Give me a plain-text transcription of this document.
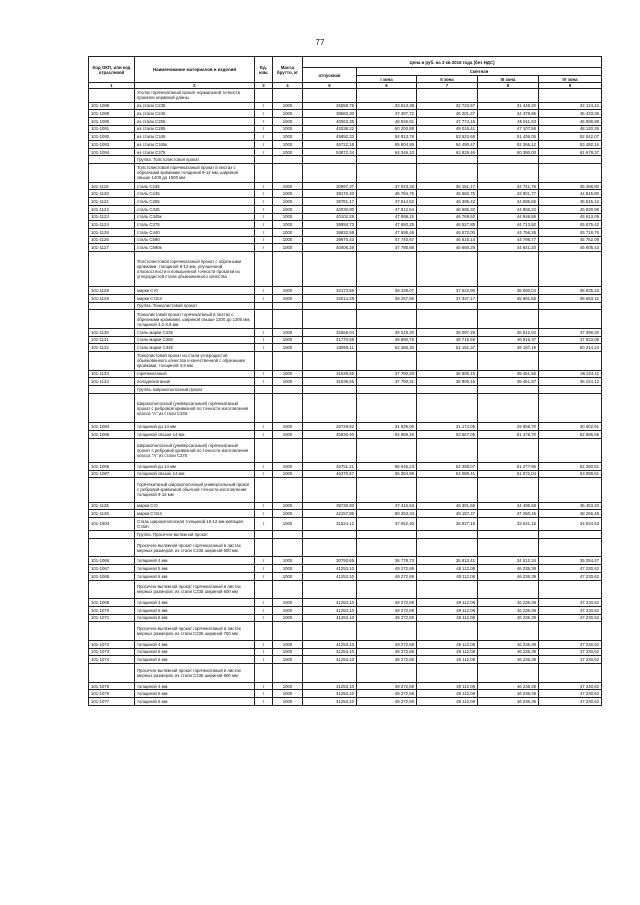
77
Код ОКП, или код отраслевой	Наименование материалов и изделий	Ед. изм.	Масса брутто, кг	Цена в руб. на 3 кв 2016 года (без НДС)				
				отпускная	Сметная			
					I зона	II зона	III зона	IV зона
1	2	3	4	5	6	7	8	9
	Уголок горячекатаный прокат нормальной точности прокатки неравной длины							
101-1088	из стали С235	т	1000	26058,76	33 513,38	32 723,57	31 448,20	32 124,44
101-1089	из стали С245	т	1000	38683,30	47 397,72	46 201,27	44 478,96	45 433,36
101-1090	из стали С255	т	1000	40063,35	48 926,81	47 774,15	45 911,63	46 898,89
101-1091	из стали С285	т	1000	42038,22	50 200,88	49 018,41	47 107,58	48 120,35
101-1092	из стали С345	т	1000	45892,33	54 813,78	53 522,65	51 436,05	52 542,07
101-1093	из стали С345к	т	1000	46722,18	55 804,95	54 490,47	52 366,12	53 492,16
101-1094	из стали С375	т	1000	53872,34	64 346,10	62 829,46	60 380,00	61 678,37
	Группа. Толстолистовой прокат							
	Толстолистовой горячекатаный прокат в листах с обрезными кромками толщиной 9-12 мм, шириной свыше 1400 до 1500 мм							
101-1119	сталь С235	т	1000	30997,37	37 023,25	36 151,17	34 741,76	35 488,80
101-1120	сталь С245	т	1000	39170,40	46 784,76	45 682,75	43 901,77	44 845,80
101-1121	сталь С255	т	1000	39781,17	47 514,62	46 395,42	44 586,65	45 545,42
101-1122	сталь С345	т	1000	40030,80	47 812,54	46 686,32	44 866,22	45 830,98
101-1123	сталь С345к	т	1000	40102,28	47 898,15	46 769,92	44 946,56	45 913,05
101-1124	сталь С375	т	1000	39894,73	47 650,25	46 527,85	44 713,92	45 675,42
101-1125	сталь С440	т	1000	39932,58	47 695,46	46 572,00	44 756,35	45 718,76
101-1126	сталь С590	т	1000	39970,43	47 740,67	46 616,14	44 798,77	45 762,09
101-1127	сталь С590к	т	1000	40008,28	47 785,88	46 660,29	44 841,20	45 805,43
	Толстолистовой горячекатаный прокат с обрезными кромками, толщиной 9-12 мм, улучшенной плоскостности и повышенной точности прокатки из углеродистой стали обыкновенного качества							
101-1128	марки Ст0	т	1000	32173,56	38 428,07	37 522,90	36 060,04	36 835,43
101-1129	марки Ст3сп	т	1000	32014,28	38 257,86	37 337,17	35 881,55	36 653,12
	Группа. Тонколистовой прокат							
	Тонколистовой прокат горячекатаный в листах с обрезными кромками, шириной свыше 1200 до 1300 мм, толщиной 3,2-3,9 мм							
101-1130	сталь марки С235	т	1000	32666,04	39 018,30	38 097,28	36 612,02	37 399,30
101-1131	сталь марки С255	т	1000	41770,58	49 890,76	48 715,59	46 816,37	47 823,08
101-1132	сталь марки С345	т	1000	43859,11	52 385,30	51 151,37	49 157,19	50 214,24
	Тонколистовой прокат из стали углеродистой обыкновенного качества и качественной с обрезными кромками, толщиной 3,9 мм							
101-1133	горячекатаный	т	1000	31639,56	37 790,20	36 900,15	35 461,56	36 224,11
101-1134	холоднокатаный	т	1000	31639,56	37 790,31	36 900,16	35 461,57	36 224,12
	Группа. Широкополосный прокат							
	Широкополосный (универсальный) горячекатаный прокат с ребровой кривизной по точности изготовления класса "А" из стали С345							
101-1084	толщиной до 14 мм	т	1000	26729,82	31 926,06	31 174,05	29 958,70	30 602,91
101-1085	толщиной свыше 14 мм	т	1000	45930,40	54 859,26	53 567,05	51 478,70	52 585,65
	Широкополосный (универсальный) горячекатаный прокат с ребровой кривизной по точности изготовления класса "А" из стали С375							
101-1086	толщиной до 14 мм	т	1000	46751,21	55 645,23	54 358,07	51 277,86	52 380,51
101-1087	толщиной свыше 14 мм	т	1000	46370,57	55 384,99	54 080,41	51 972,04	53 089,61
	Горячекатаный широкополосный универсальный прокат с ребровой кривизной обычной точности изготовления толщиной 9-12 мм							
101-1135	марки Ст0	т	1000	39730,80	47 416,63	46 301,69	44 496,58	45 453,40
101-1136	марки Ст3сп	т	1000	42157,86	50 253,34	49 187,27	47 250,45	48 266,45
101-1603	Сталь широкополосная толщиной 10-12 мм кипящая Ст3кп	т	1000	31524,12	37 652,40	36 827,15	33 641,15	34 534,53
	Группа. Просечно-вытяжной прокат							
	Просечно-вытяжной прокат горячекатаный в листах мерных размеров, из стали С235 шириной 600 мм							
101-1066	толщиной 4 мм	т	1000	30792,65	36 778,73	35 912,41	34 512,34	35 254,47
101-1067	толщиной 5 мм	т	1000	41253,10	49 272,69	48 112,08	46 236,39	47 230,62
101-1068	толщиной 6 мм	т	1000	41253,10	49 272,69	48 112,08	46 236,39	47 230,62
	Просечно-вытяжной прокат горячекатаный в листах мерных размеров, из стали С235 шириной 600 мм							
101-1069	толщиной 4 мм	т	1000	41253,10	49 272,69	48 112,08	46 236,39	47 230,62
101-1070	толщиной 5 мм	т	1000	41253,10	49 272,69	48 112,08	46 236,39	47 230,62
101-1071	толщиной 6 мм	т	1000	41253,10	49 272,69	48 112,08	46 236,39	47 230,62
	Просечно-вытяжной прокат горячекатаный в листах мерных размеров, из стали С235 шириной 700 мм							
101-1072	толщиной 4 мм	т	1000	41253,10	49 272,69	48 112,08	46 236,39	47 230,62
101-1073	толщиной 5 мм	т	1000	41253,10	49 272,69	48 112,08	46 236,39	47 230,62
101-1074	толщиной 6 мм	т	1000	41253,10	49 272,69	48 112,08	46 236,39	47 230,62
	Просечно-вытяжной прокат горячекатаный в листах мерных размеров, из стали С235 шириной 800 мм							
101-1075	толщиной 4 мм	т	1000	41253,10	49 272,69	48 112,08	46 236,39	47 230,62
101-1076	толщиной 5 мм	т	1000	41253,10	49 272,69	48 112,08	46 236,39	47 230,62
101-1077	толщиной 6 мм	т	1000	41253,10	49 272,69	48 112,08	46 236,39	47 230,62
